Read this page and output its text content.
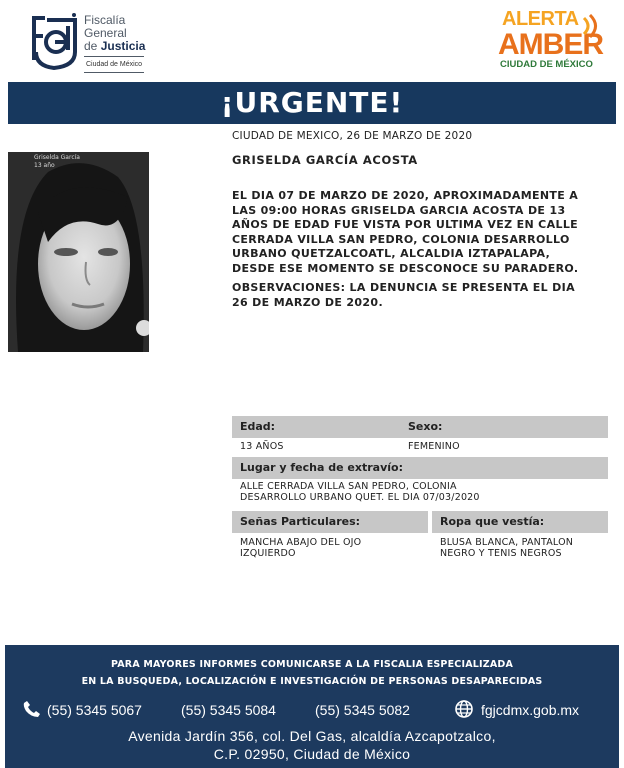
Fiscalía
General
de Justicia
Ciudad de México
ALERTA
AMBER
CIUDAD DE MÉXICO
¡URGENTE!
CIUDAD DE MEXICO, 26 DE MARZO DE 2020
GRISELDA GARCÍA ACOSTA
Griselda García
13 año
EL DIA 07 DE MARZO DE 2020, APROXIMADAMENTE A
LAS 09:00 HORAS GRISELDA GARCIA ACOSTA DE 13
AÑOS DE EDAD FUE VISTA POR ULTIMA VEZ EN CALLE
CERRADA VILLA SAN PEDRO, COLONIA DESARROLLO
URBANO QUETZALCOATL, ALCALDIA IZTAPALAPA,
DESDE ESE MOMENTO SE DESCONOCE SU PARADERO.
OBSERVACIONES: LA DENUNCIA SE PRESENTA EL DIA
26 DE MARZO DE 2020.
Edad:	Sexo:
13 AÑOS	FEMENINO
Lugar y fecha de extravío:
ALLE CERRADA VILLA SAN PEDRO, COLONIA
DESARROLLO URBANO QUET. EL DIA 07/03/2020
Señas Particulares:	Ropa que vestía:
MANCHA ABAJO DEL OJO
IZQUIERDO
BLUSA BLANCA, PANTALON
NEGRO Y TENIS NEGROS
PARA MAYORES INFORMES COMUNICARSE A LA FISCALIA ESPECIALIZADA
EN LA BUSQUEDA, LOCALIZACIÓN E INVESTIGACIÓN DE PERSONAS DESAPARECIDAS
(55) 5345 5067	(55) 5345 5084	(55) 5345 5082	fgjcdmx.gob.mx
Avenida Jardín 356, col. Del Gas, alcaldía Azcapotzalco,
C.P. 02950, Ciudad de México
